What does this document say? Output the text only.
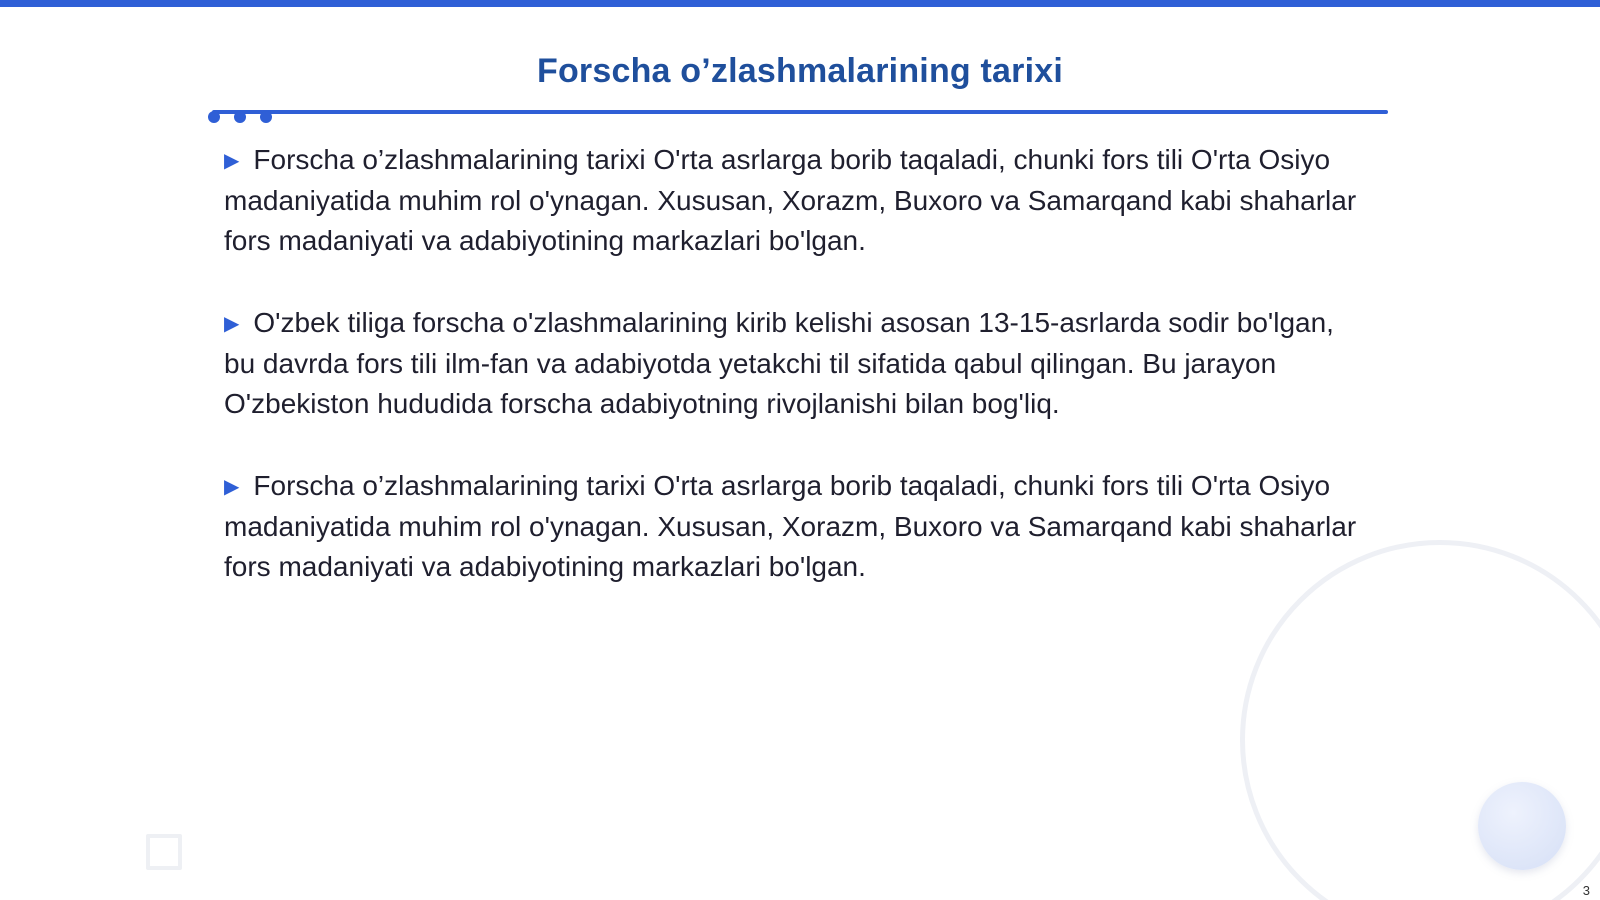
Forscha o’zlashmalarining tarixi

▶ Forscha o’zlashmalarining tarixi O'rta asrlarga borib taqaladi, chunki fors tili O'rta Osiyo madaniyatida muhim rol o'ynagan. Xususan, Xorazm, Buxoro va Samarqand kabi shaharlar fors madaniyati va adabiyotining markazlari bo'lgan.

▶ O'zbek tiliga forscha o'zlashmalarining kirib kelishi asosan 13-15-asrlarda sodir bo'lgan, bu davrda fors tili ilm-fan va adabiyotda yetakchi til sifatida qabul qilingan. Bu jarayon O'zbekiston hududida forscha adabiyotning rivojlanishi bilan bog'liq.

▶ Forscha o’zlashmalarining tarixi O'rta asrlarga borib taqaladi, chunki fors tili O'rta Osiyo madaniyatida muhim rol o'ynagan. Xususan, Xorazm, Buxoro va Samarqand kabi shaharlar fors madaniyati va adabiyotining markazlari bo'lgan.

3
